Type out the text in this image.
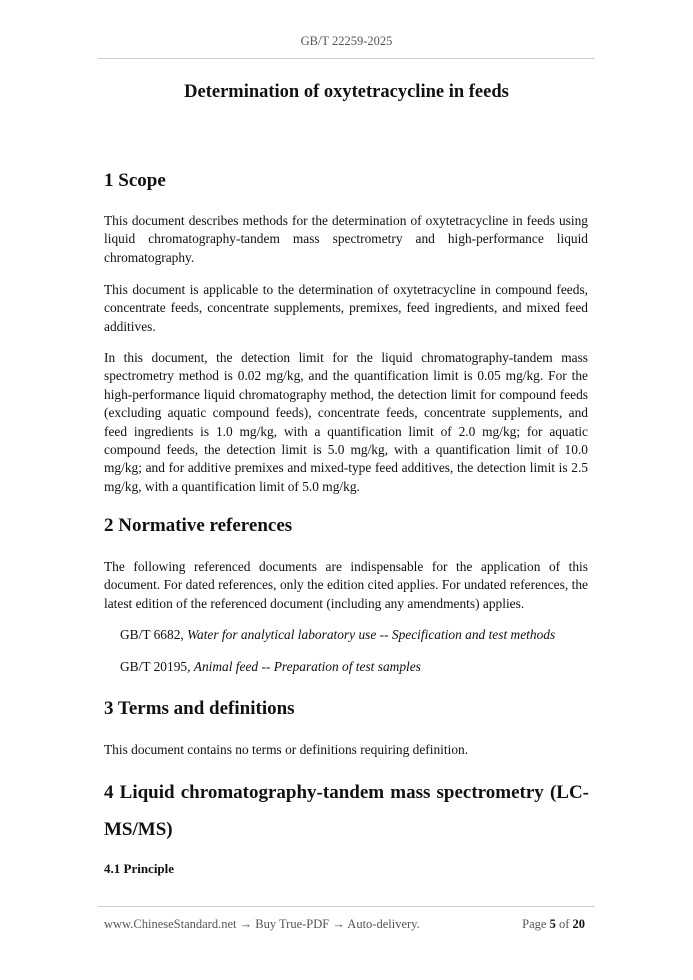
GB/T 22259-2025
Determination of oxytetracycline in feeds
1 Scope

This document describes methods for the determination of oxytetracycline in feeds using liquid chromatography-tandem mass spectrometry and high-performance liquid chromatography.

This document is applicable to the determination of oxytetracycline in compound feeds, concentrate feeds, concentrate supplements, premixes, feed ingredients, and mixed feed additives.

In this document, the detection limit for the liquid chromatography-tandem mass spectrometry method is 0.02 mg/kg, and the quantification limit is 0.05 mg/kg. For the high-performance liquid chromatography method, the detection limit for compound feeds (excluding aquatic compound feeds), concentrate feeds, concentrate supplements, and feed ingredients is 1.0 mg/kg, with a quantification limit of 2.0 mg/kg; for aquatic compound feeds, the detection limit is 5.0 mg/kg, with a quantification limit of 10.0 mg/kg; and for additive premixes and mixed-type feed additives, the detection limit is 2.5 mg/kg, with a quantification limit of 5.0 mg/kg.

2 Normative references

The following referenced documents are indispensable for the application of this document. For dated references, only the edition cited applies. For undated references, the latest edition of the referenced document (including any amendments) applies.

GB/T 6682, Water for analytical laboratory use -- Specification and test methods

GB/T 20195, Animal feed -- Preparation of test samples

3 Terms and definitions

This document contains no terms or definitions requiring definition.

4 Liquid chromatography-tandem mass spectrometry (LC-MS/MS)
4.1 Principle
www.ChineseStandard.net → Buy True-PDF → Auto-delivery.	Page 5 of 20
